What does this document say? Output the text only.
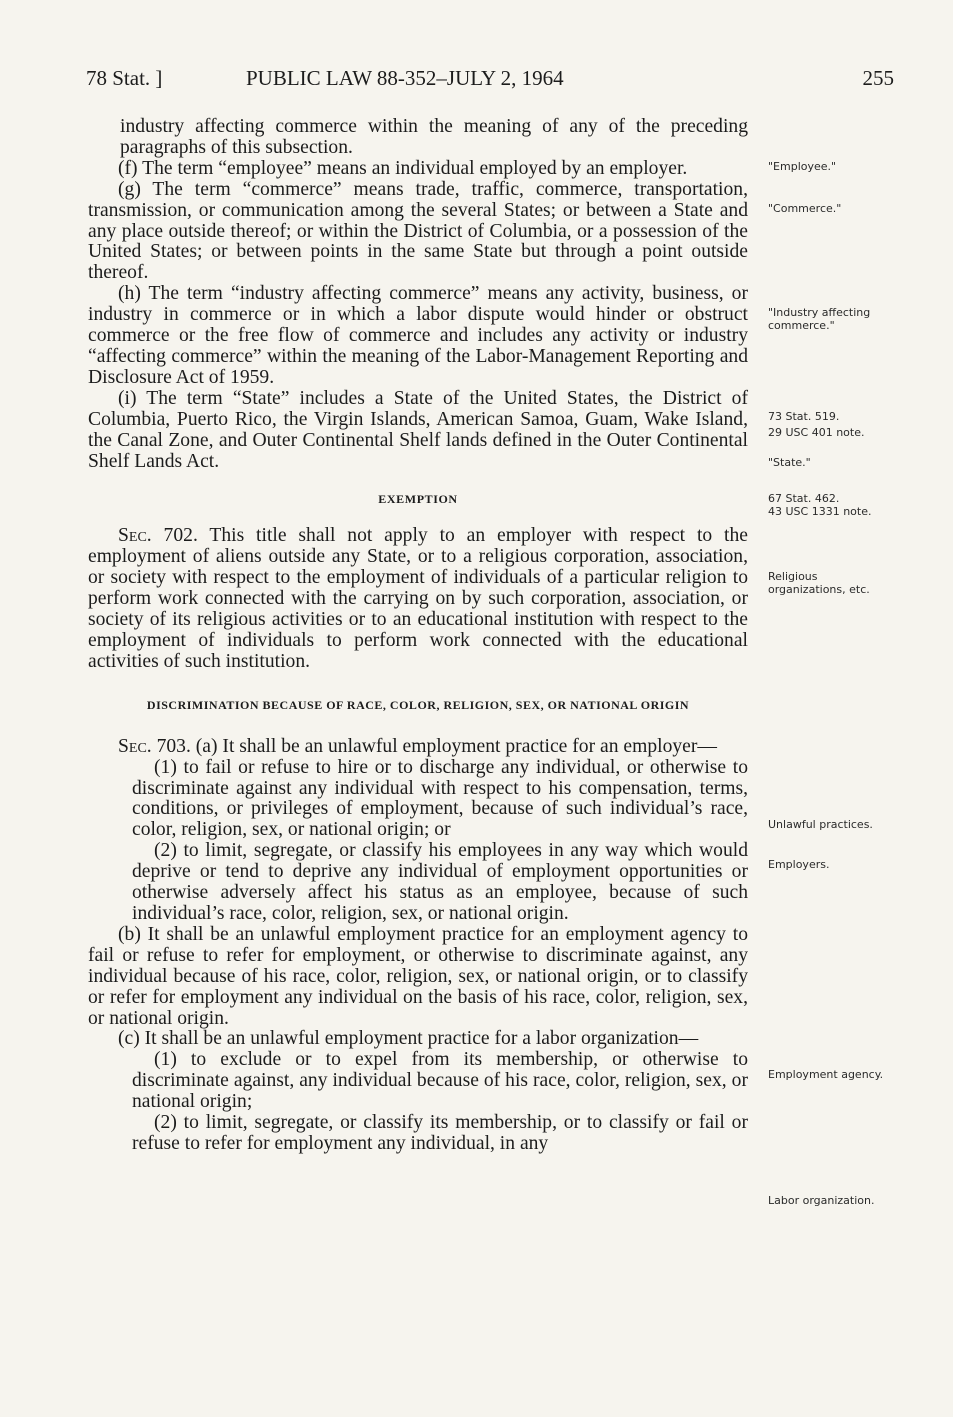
78 Stat. ]	PUBLIC LAW 88-352–JULY 2, 1964	255

industry affecting commerce within the meaning of any of the preceding paragraphs of this subsection.

(f) The term “employee” means an individual employed by an employer.

(g) The term “commerce” means trade, traffic, commerce, transportation, transmission, or communication among the several States; or between a State and any place outside thereof; or within the District of Columbia, or a possession of the United States; or between points in the same State but through a point outside thereof.

(h) The term “industry affecting commerce” means any activity, business, or industry in commerce or in which a labor dispute would hinder or obstruct commerce or the free flow of commerce and includes any activity or industry “affecting commerce” within the meaning of the Labor-Management Reporting and Disclosure Act of 1959.

(i) The term “State” includes a State of the United States, the District of Columbia, Puerto Rico, the Virgin Islands, American Samoa, Guam, Wake Island, the Canal Zone, and Outer Continental Shelf lands defined in the Outer Continental Shelf Lands Act.

EXEMPTION

Sec. 702. This title shall not apply to an employer with respect to the employment of aliens outside any State, or to a religious corporation, association, or society with respect to the employment of individuals of a particular religion to perform work connected with the carrying on by such corporation, association, or society of its religious activities or to an educational institution with respect to the employment of individuals to perform work connected with the educational activities of such institution.

DISCRIMINATION BECAUSE OF RACE, COLOR, RELIGION, SEX, OR NATIONAL ORIGIN

Sec. 703. (a) It shall be an unlawful employment practice for an employer—

(1) to fail or refuse to hire or to discharge any individual, or otherwise to discriminate against any individual with respect to his compensation, terms, conditions, or privileges of employment, because of such individual’s race, color, religion, sex, or national origin; or

(2) to limit, segregate, or classify his employees in any way which would deprive or tend to deprive any individual of employment opportunities or otherwise adversely affect his status as an employee, because of such individual’s race, color, religion, sex, or national origin.

(b) It shall be an unlawful employment practice for an employment agency to fail or refuse to refer for employment, or otherwise to discriminate against, any individual because of his race, color, religion, sex, or national origin, or to classify or refer for employment any individual on the basis of his race, color, religion, sex, or national origin.

(c) It shall be an unlawful employment practice for a labor organization—

(1) to exclude or to expel from its membership, or otherwise to discriminate against, any individual because of his race, color, religion, sex, or national origin;

(2) to limit, segregate, or classify its membership, or to classify or fail or refuse to refer for employment any individual, in any

"Employee."
"Commerce."
"Industry affecting commerce."
73 Stat. 519.
29 USC 401 note.
"State."
67 Stat. 462.
43 USC 1331 note.
Religious organizations, etc.
Unlawful practices.
Employers.
Employment agency.
Labor organization.
